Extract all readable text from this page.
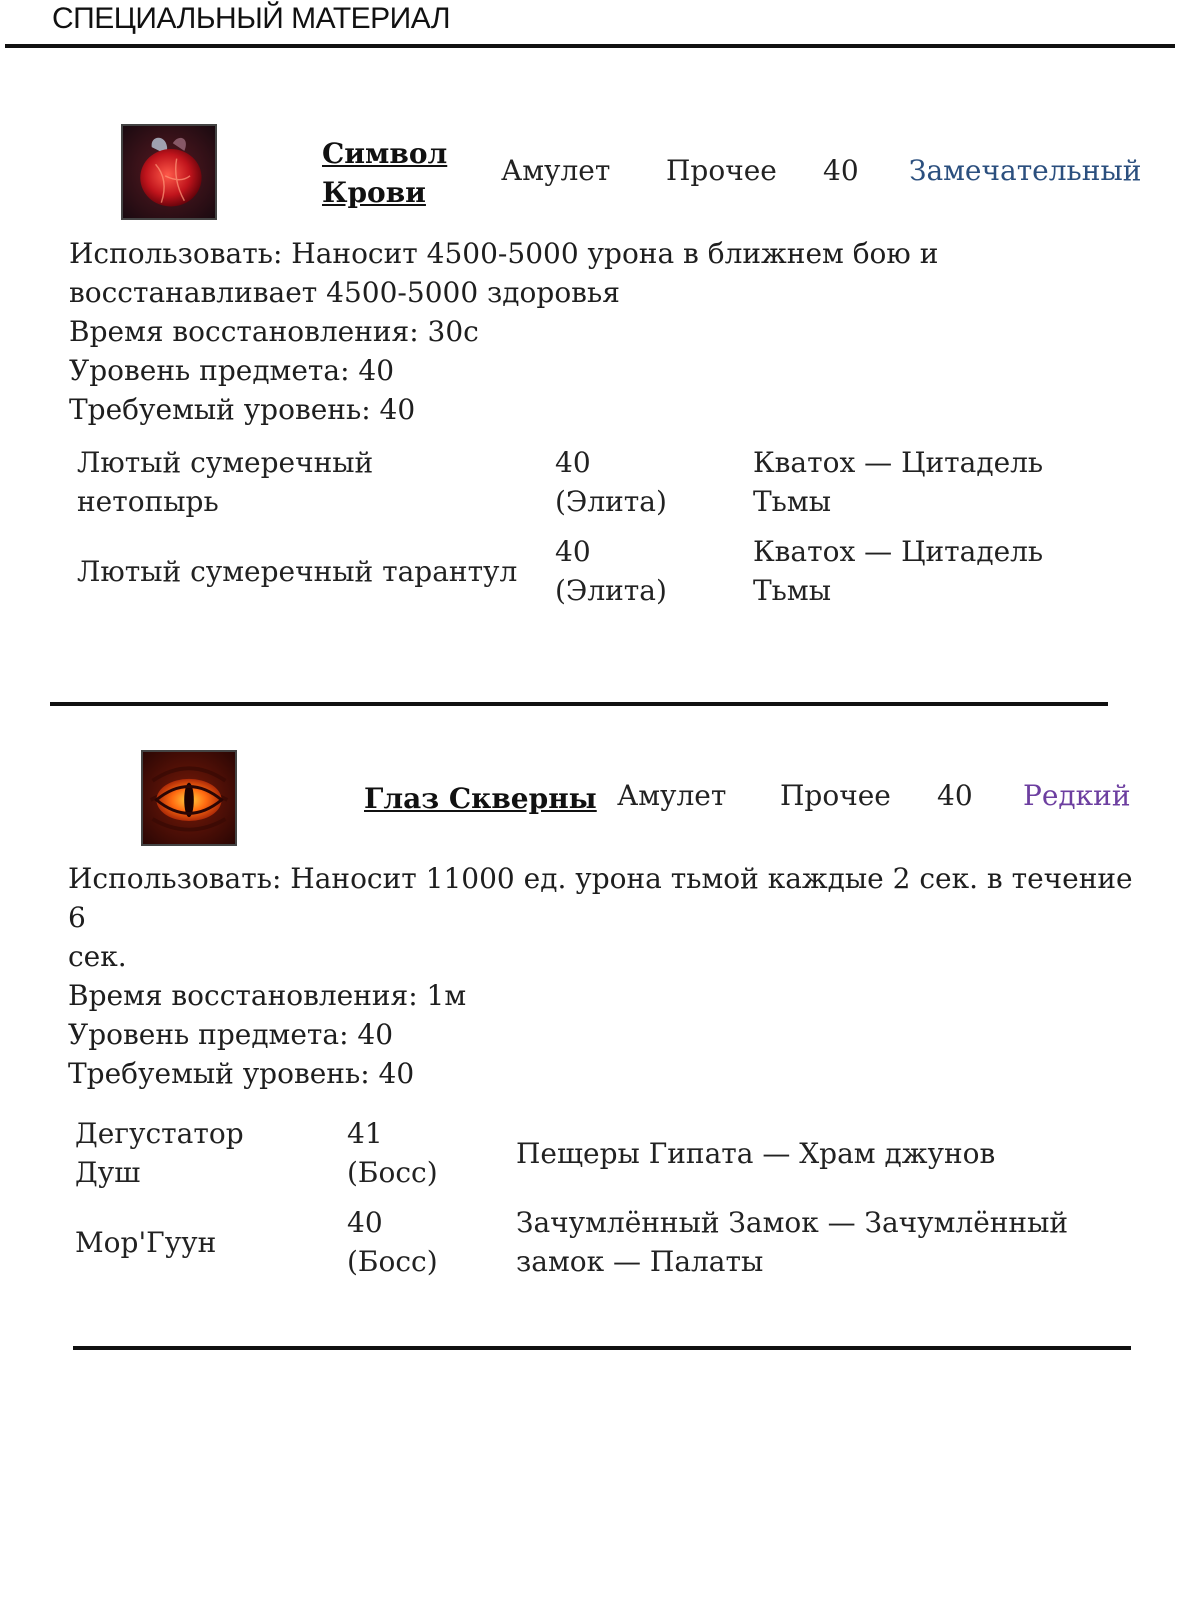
СПЕЦИАЛЬНЫЙ МАТЕРИАЛ
Символ
Крови
Амулет Прочее 40 Замечательный

Использовать: Наносит 4500-5000 урона в ближнем бою и

восстанавливает 4500-5000 здоровья

Время восстановления: 30с

Уровень предмета: 40

Требуемый уровень: 40

Лютый сумеречный
нетопырь
40
(Элита)
Кватох — Цитадель
Тьмы
Лютый сумеречный тарантул
40
(Элита)
Кватох — Цитадель
Тьмы
Глаз Скверны Амулет Прочее 40 Редкий

Использовать: Наносит 11000 ед. урона тьмой каждые 2 сек. в течение 6

сек.

Время восстановления: 1м

Уровень предмета: 40

Требуемый уровень: 40

Дегустатор
Душ
41
(Босс)
Пещеры Гипата — Храм джунов
Мор'Гуун
40
(Босс)
Зачумлённый Замок — Зачумлённый
замок — Палаты
